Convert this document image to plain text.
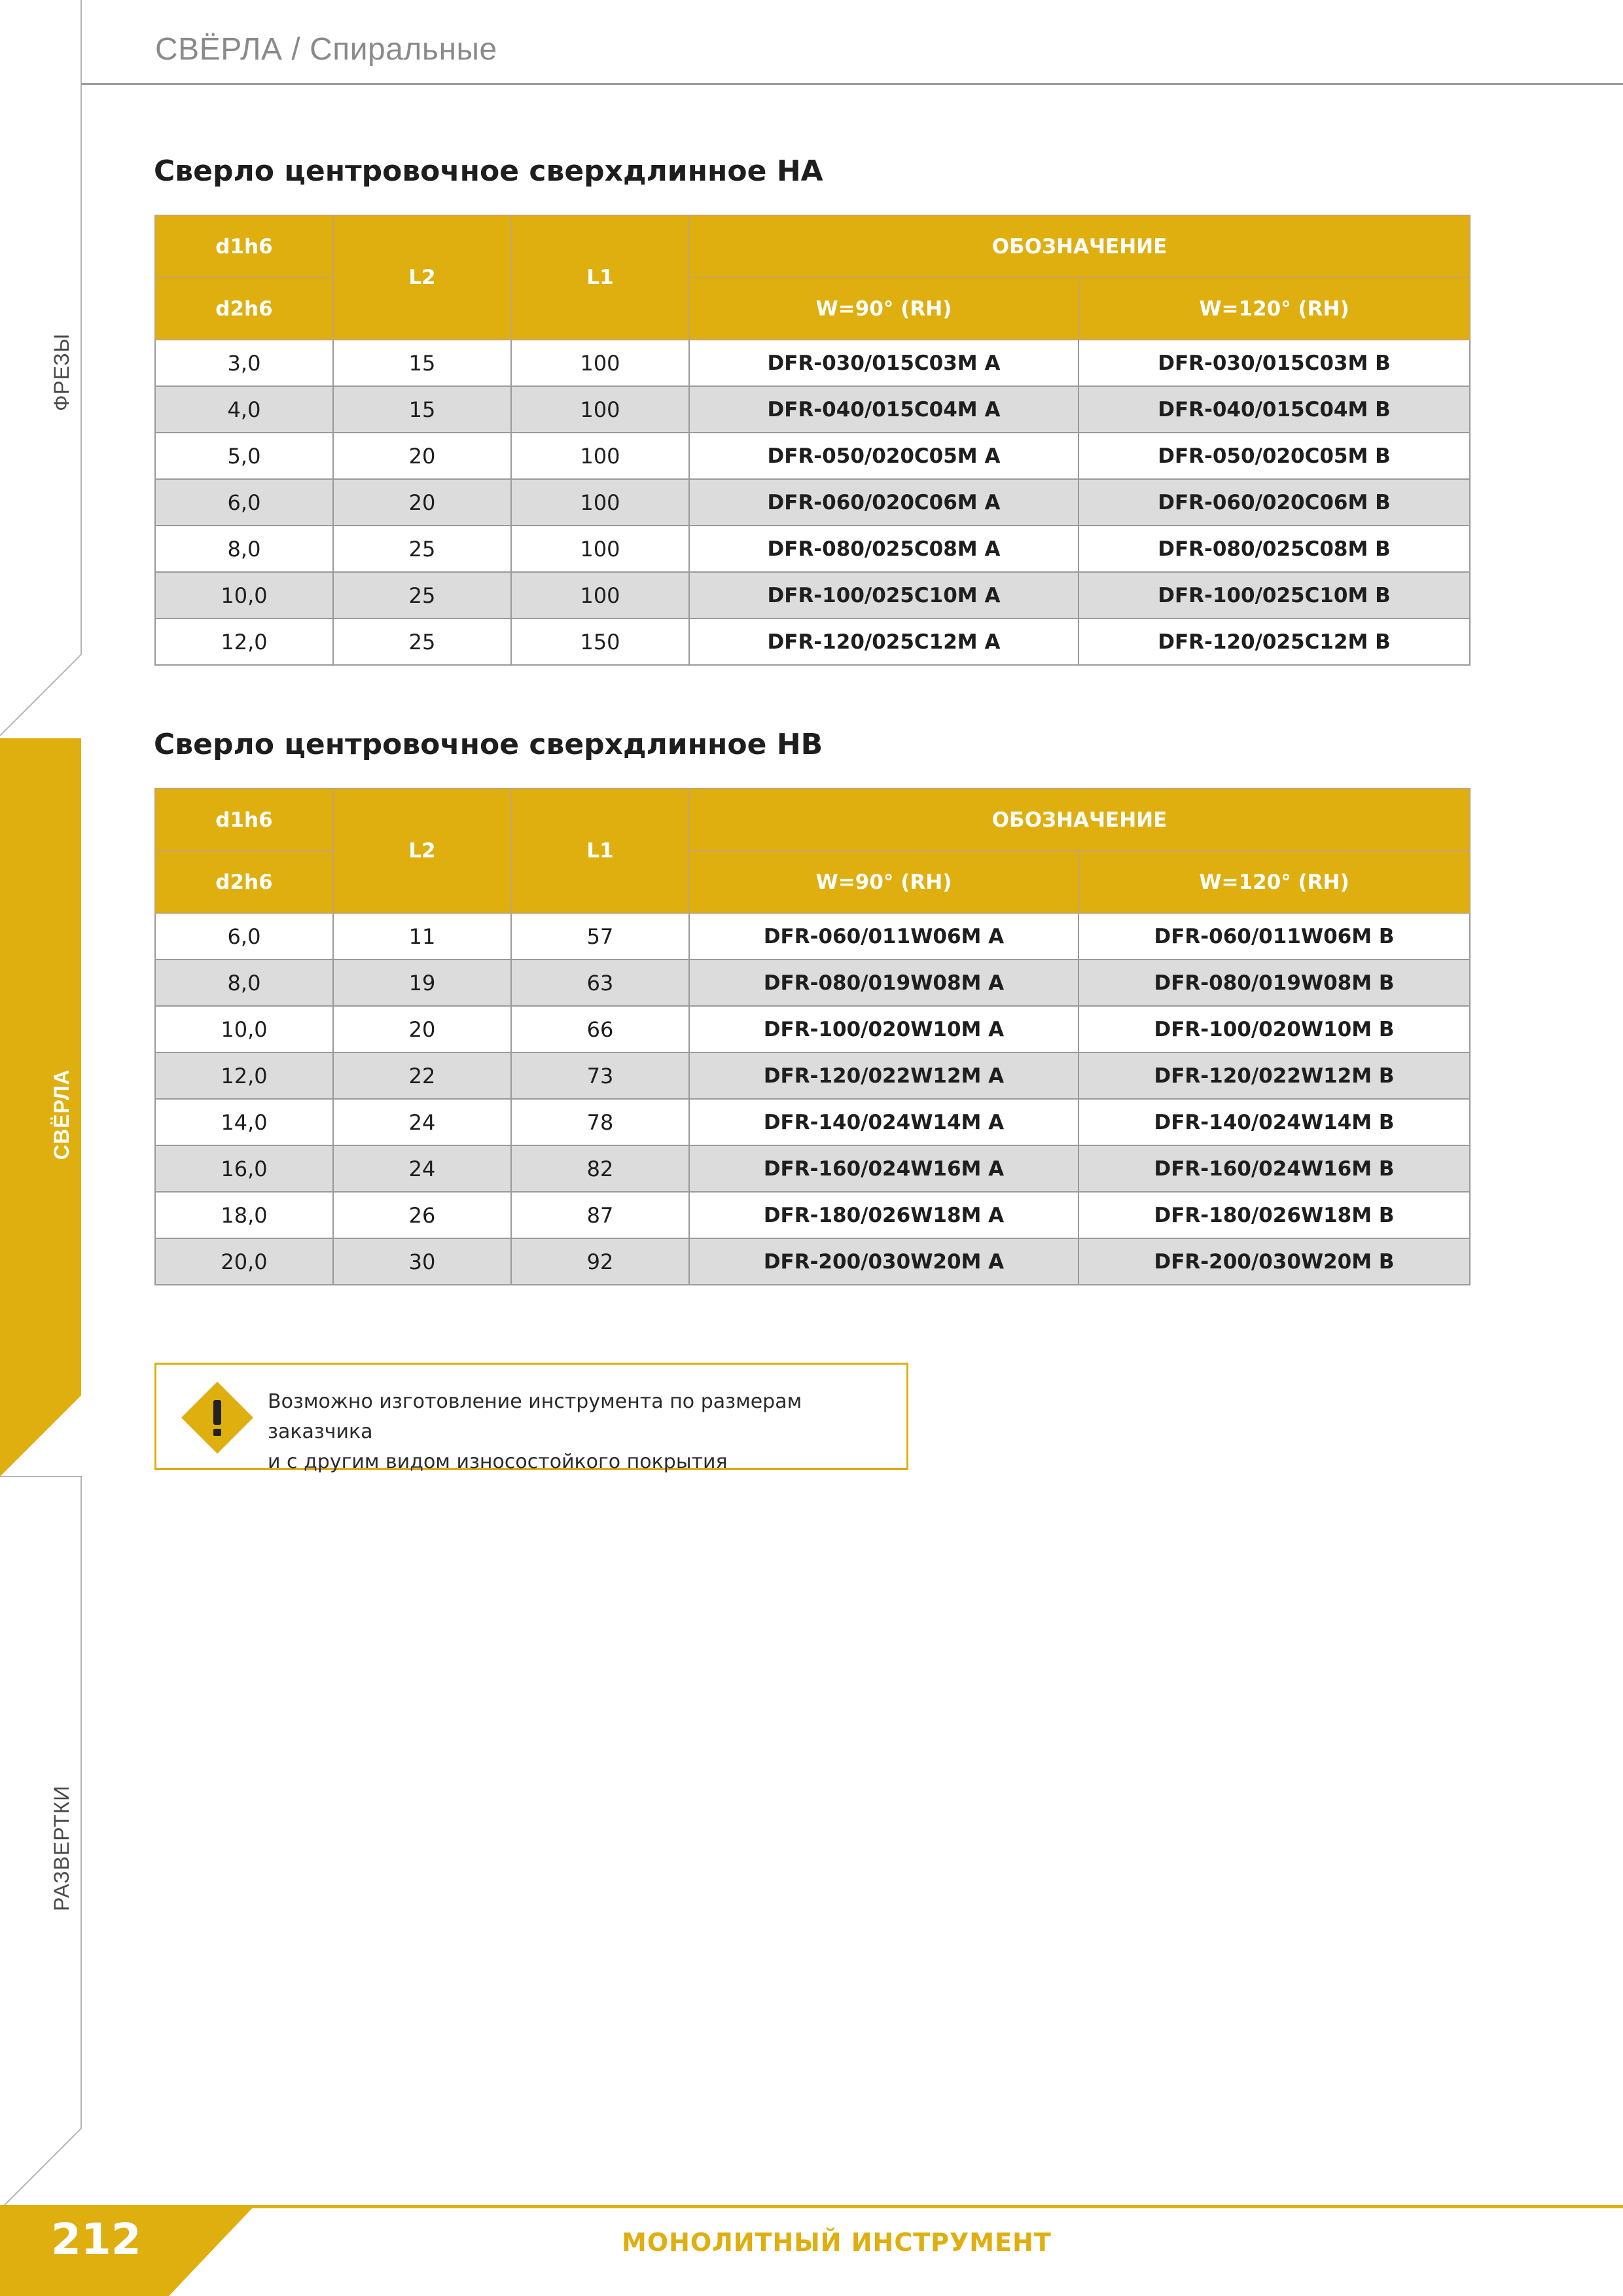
ФРЕЗЫ
СВЁРЛА
РАЗВЕРТКИ
СВЁРЛА / Спиральные
Сверло центровочное сверхдлинное НА
d1h6	L2	L1	ОБОЗНАЧЕНИЕ	
d2h6			W=90° (RH)	W=120° (RH)
3,0	15	100	DFR-030/015C03M A	DFR-030/015C03M B
4,0	15	100	DFR-040/015C04M A	DFR-040/015C04M B
5,0	20	100	DFR-050/020C05M A	DFR-050/020C05M B
6,0	20	100	DFR-060/020C06M A	DFR-060/020C06M B
8,0	25	100	DFR-080/025C08M A	DFR-080/025C08M B
10,0	25	100	DFR-100/025C10M A	DFR-100/025C10M B
12,0	25	150	DFR-120/025C12M A	DFR-120/025C12M B
Сверло центровочное сверхдлинное НВ
d1h6	L2	L1	ОБОЗНАЧЕНИЕ	
d2h6			W=90° (RH)	W=120° (RH)
6,0	11	57	DFR-060/011W06M A	DFR-060/011W06M B
8,0	19	63	DFR-080/019W08M A	DFR-080/019W08M B
10,0	20	66	DFR-100/020W10M A	DFR-100/020W10M B
12,0	22	73	DFR-120/022W12M A	DFR-120/022W12M B
14,0	24	78	DFR-140/024W14M A	DFR-140/024W14M B
16,0	24	82	DFR-160/024W16M A	DFR-160/024W16M B
18,0	26	87	DFR-180/026W18M A	DFR-180/026W18M B
20,0	30	92	DFR-200/030W20M A	DFR-200/030W20M B
Возможно изготовление инструмента по размерам заказчика
и с другим видом износостойкого покрытия
212	МОНОЛИТНЫЙ ИНСТРУМЕНТ
